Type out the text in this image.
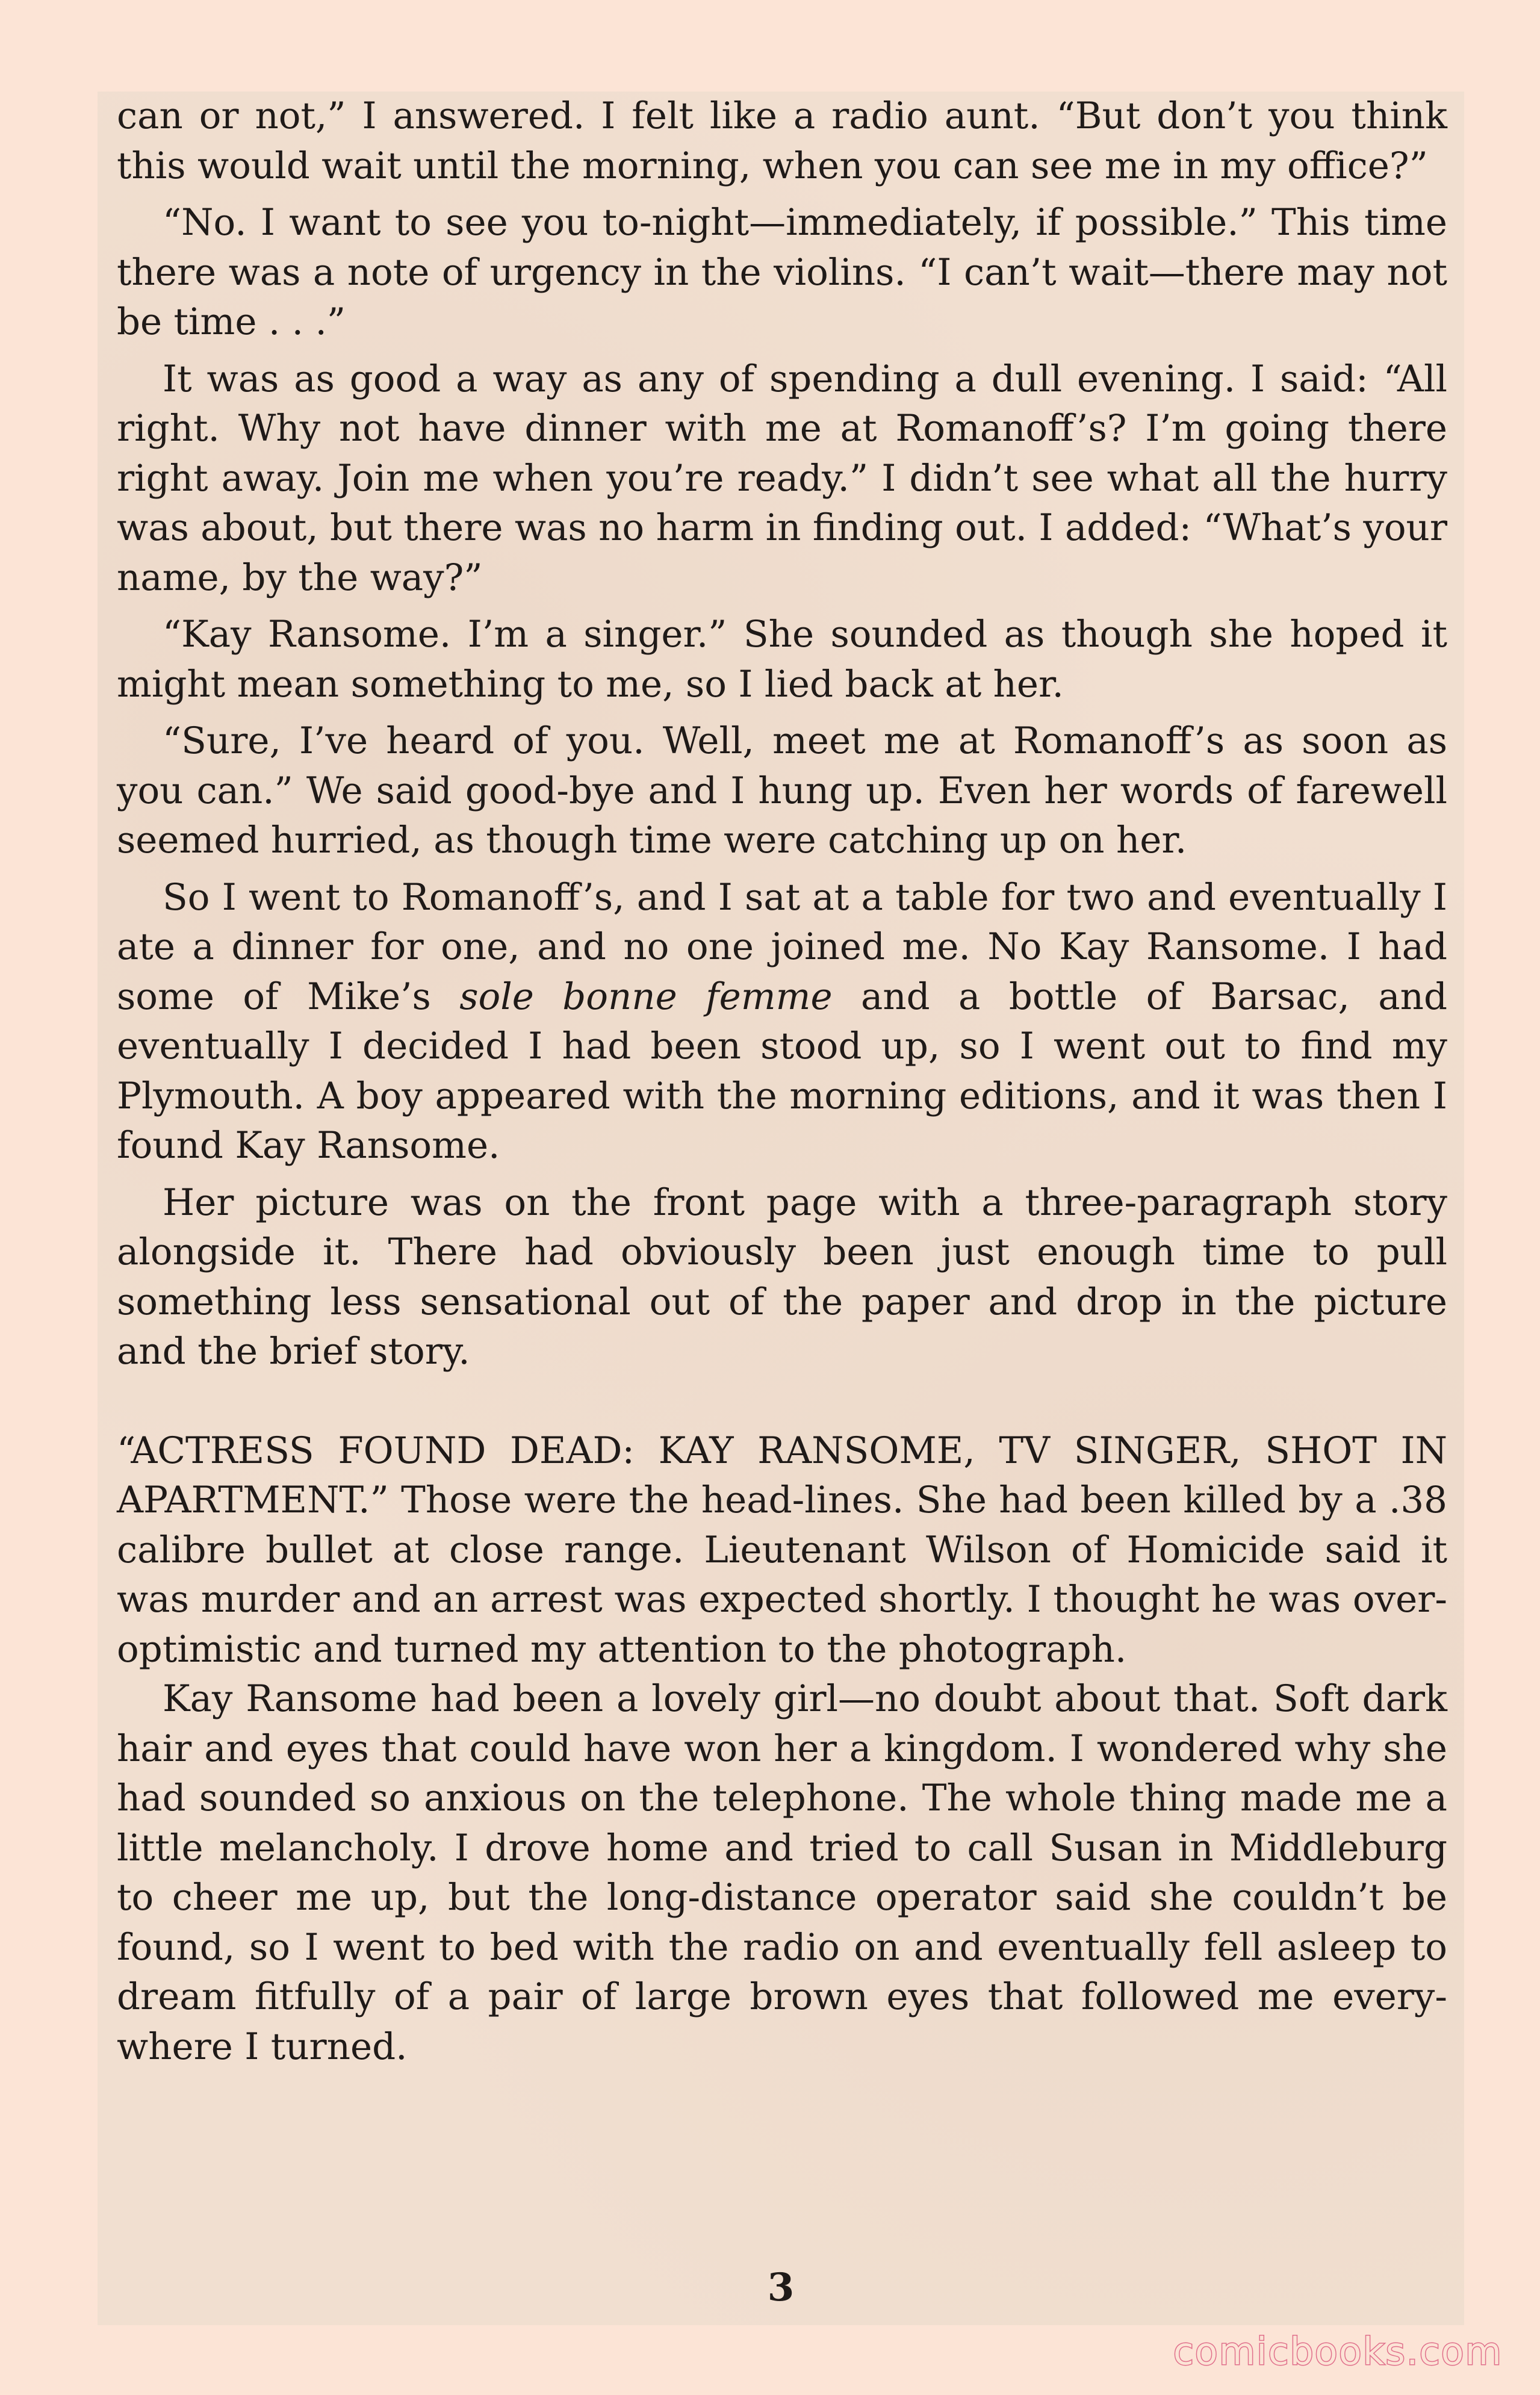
can or not,” I answered. I felt like a radio aunt. “But don’t you think this would wait until the morning, when you can see me in my office?”

“No. I want to see you to-night—immediately, if possible.” This time there was a note of urgency in the violins. “I can’t wait—there may not be time . . .”

It was as good a way as any of spending a dull evening. I said: “All right. Why not have dinner with me at Romanoff’s? I’m going there right away. Join me when you’re ready.” I didn’t see what all the hurry was about, but there was no harm in finding out. I added: “What’s your name, by the way?”

“Kay Ransome. I’m a singer.” She sounded as though she hoped it might mean something to me, so I lied back at her.

“Sure, I’ve heard of you. Well, meet me at Romanoff’s as soon as you can.” We said good-bye and I hung up. Even her words of farewell seemed hurried, as though time were catching up on her.

So I went to Romanoff’s, and I sat at a table for two and eventually I ate a dinner for one, and no one joined me. No Kay Ransome. I had some of Mike’s sole bonne femme and a bottle of Barsac, and eventually I decided I had been stood up, so I went out to find my Plymouth. A boy appeared with the morning editions, and it was then I found Kay Ransome.

Her picture was on the front page with a three-paragraph story alongside it. There had obviously been just enough time to pull something less sensational out of the paper and drop in the picture and the brief story.

“ACTRESS FOUND DEAD: KAY RANSOME, TV SINGER, SHOT IN APARTMENT.” Those were the head-lines. She had been killed by a .38 calibre bullet at close range. Lieutenant Wilson of Homicide said it was murder and an arrest was expected shortly. I thought he was over-optimistic and turned my attention to the photograph.

Kay Ransome had been a lovely girl—no doubt about that. Soft dark hair and eyes that could have won her a kingdom. I wondered why she had sounded so anxious on the telephone. The whole thing made me a little melancholy. I drove home and tried to call Susan in Middleburg to cheer me up, but the long-distance operator said she couldn’t be found, so I went to bed with the radio on and eventually fell asleep to dream fitfully of a pair of large brown eyes that followed me every-where I turned.

3
comicbooks.com
